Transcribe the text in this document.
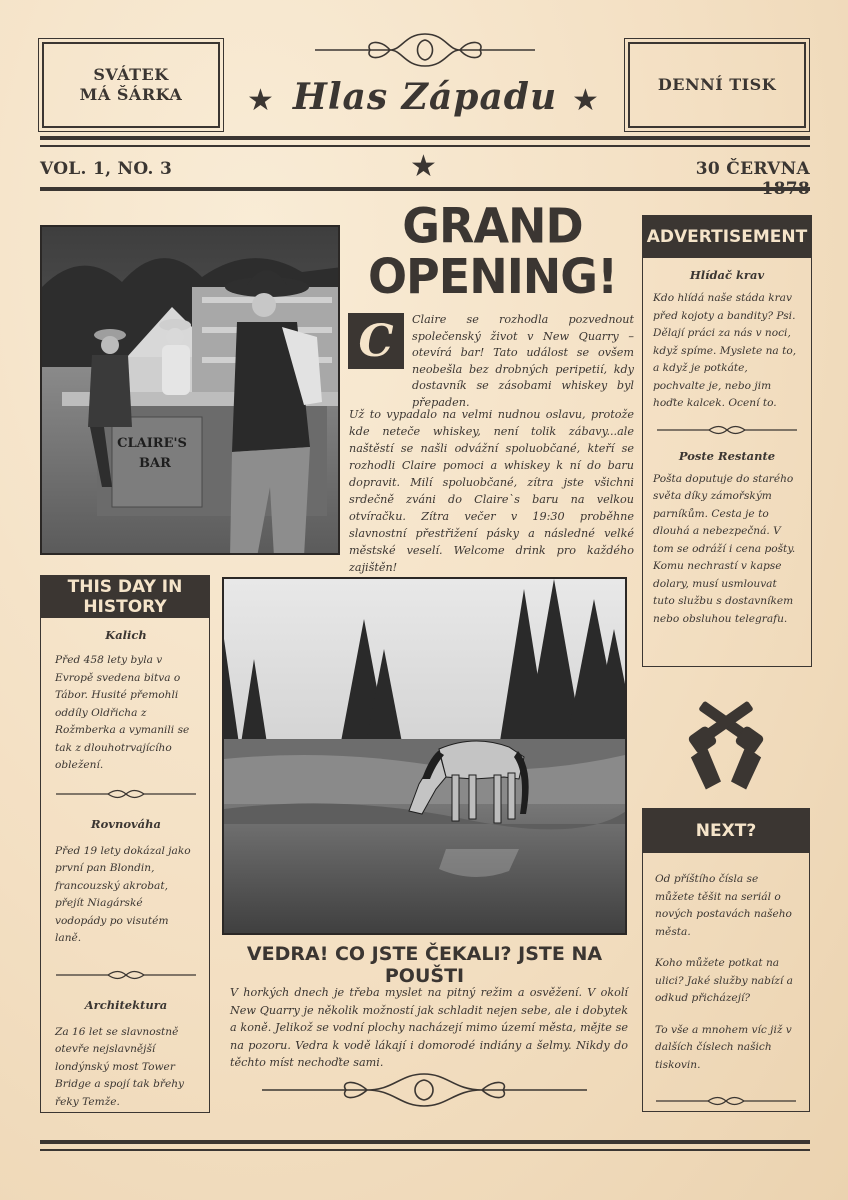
SVÁTEK MÁ ŠÁRKA
DENNÍ TISK
★	★
Hlas Západu
VOL. 1, NO. 3	★	30 ČERVNA
CLAIRE'S
BAR
GRAND
OPENING!
C	Claire se rozhodla pozvednout společenský život v New Quarry – otevírá bar! Tato událost se ovšem neobešla bez drobných peripetií, kdy dostavník se zásobami whiskey byl přepaden.
Už to vypadalo na velmi nudnou oslavu, protože kde neteče whiskey, není tolik zábavy...ale naštěstí se našli odvážní spoluobčané, kteří se rozhodli Claire pomoci a whiskey k ní do baru dopravit. Milí spoluobčané, zítra jste všichni srdečně zváni do Claire`s baru na velkou otvíračku. Zítra večer v 19:30 proběhne slavnostní přestřižení pásky a následné velké městské veselí. Welcome drink pro každého zajištěn!
ADVERTISEMENT
Hlídač krav
Kdo hlídá naše stáda krav před kojoty a bandity? Psi. Dělají práci za nás v noci, když spíme. Myslete na to, a když je potkáte, pochvalte je, nebo jim hoďte kalcek. Ocení to.
Poste Restante
Pošta doputuje do starého světa díky zámořským parníkům. Cesta je to dlouhá a nebezpečná. V tom se odráží i cena pošty. Komu nechrastí v kapse dolary, musí usmlouvat tuto službu s dostavníkem nebo obsluhou telegrafu.
NEXT?
Od příštího čísla se můžete těšit na seriál o nových postavách našeho města.
Koho můžete potkat na ulici? Jaké služby nabízí a odkud přicházejí?
To vše a mnohem víc již v dalších číslech našich tiskovin.
THIS DAY IN HISTORY
Kalich
Před 458 lety byla v Evropě svedena bitva o Tábor. Husité přemohli oddíly Oldřicha z Rožmberka a vymanili se tak z dlouhotrvajícího obležení.
Rovnováha
Před 19 lety dokázal jako první pan Blondin, francouzský akrobat, přejít Niagárské vodopády po visutém laně.
Architektura
Za 16 let se slavnostně otevře nejslavnější londýnský most Tower Bridge a spojí tak břehy řeky Temže.
VEDRA! CO JSTE ČEKALI? JSTE NA POUŠTI
V horkých dnech je třeba myslet na pitný režim a osvěžení. V okolí New Quarry je několik možností jak schladit nejen sebe, ale i dobytek a koně. Jelikož se vodní plochy nacházejí mimo území města, mějte se na pozoru. Vedra k vodě lákají i domorodé indiány a šelmy. Nikdy do těchto míst nechoďte sami.
